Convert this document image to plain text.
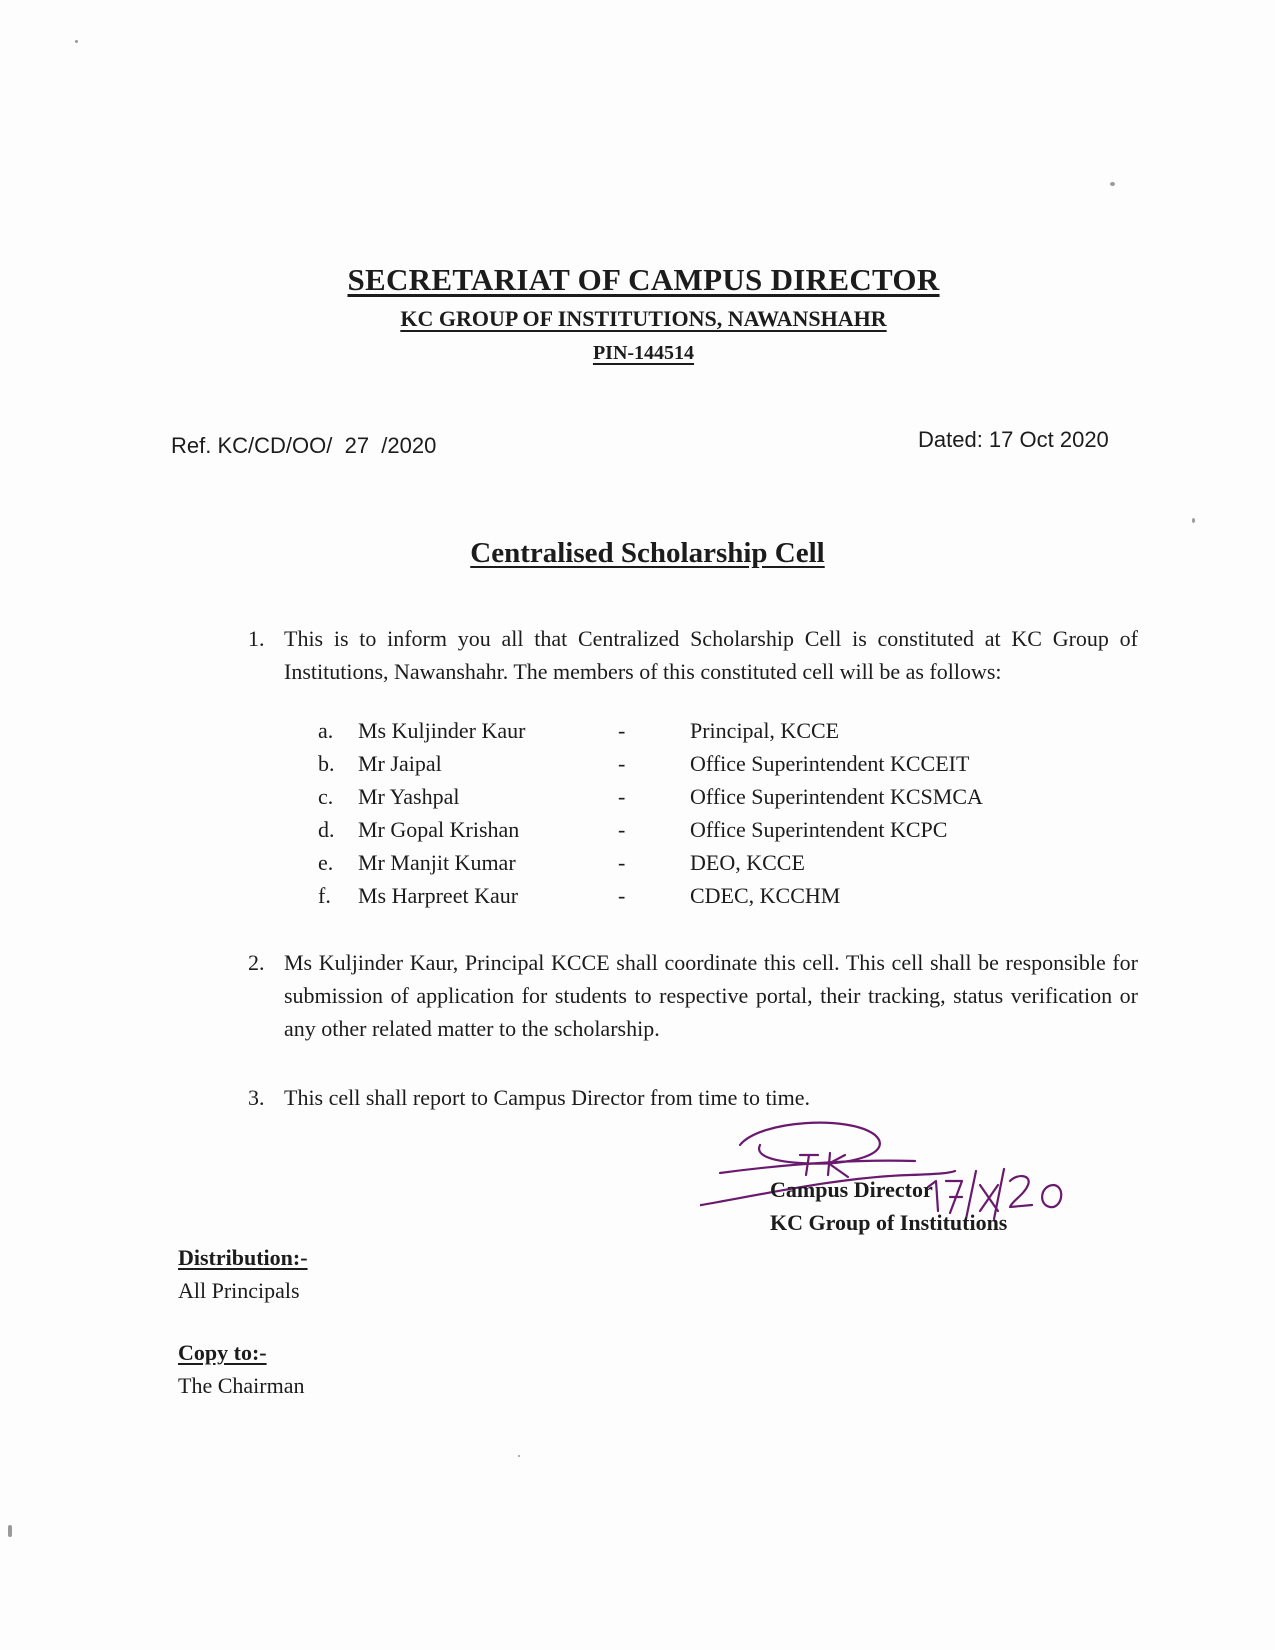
SECRETARIAT OF CAMPUS DIRECTOR
KC GROUP OF INSTITUTIONS, NAWANSHAHR
PIN-144514
Ref. KC/CD/OO/  27  /2020	Dated: 17 Oct 2020
Centralised Scholarship Cell
1. This is to inform you all that Centralized Scholarship Cell is constituted at KC Group of Institutions, Nawanshahr. The members of this constituted cell will be as follows:
a.	Ms Kuljinder Kaur	-	Principal, KCCE
b.	Mr Jaipal	-	Office Superintendent KCCEIT
c.	Mr Yashpal	-	Office Superintendent KCSMCA
d.	Mr Gopal Krishan	-	Office Superintendent KCPC
e.	Mr Manjit Kumar	-	DEO, KCCE
f.	Ms Harpreet Kaur	-	CDEC, KCCHM
2. Ms Kuljinder Kaur, Principal KCCE shall coordinate this cell. This cell shall be responsible for submission of application for students to respective portal, their tracking, status verification or any other related matter to the scholarship.
3. This cell shall report to Campus Director from time to time.
Campus Director
KC Group of Institutions
Distribution:-
All Principals
Copy to:-
The Chairman
